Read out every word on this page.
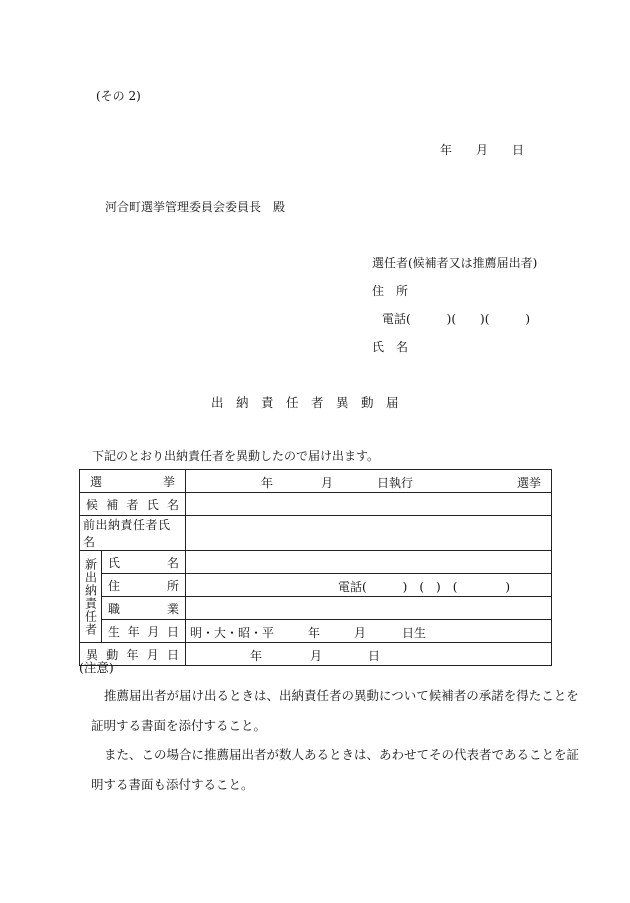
(その 2)
年 月 日
河合町選挙管理委員会委員長　殿
選任者(候補者又は推薦届出者)
住　所
電話(　　　)(　　)(　　　)
氏　名
出　納　責　任　者　異　動　届
下記のとおり出納責任者を異動したので届け出ます。
選 挙		年 月 日執行 選挙

候 補 者 氏 名		

前出納責任者氏名		

新出納責任者	氏 名	

	住 所	電話(　　　)　(　)　(　　　　)

	職 業	

	生 年 月 日	明・大・昭・平 年 月 日生

異 動 年 月 日		年 月 日
(注意)
推薦届出者が届け出るときは、出納責任者の異動について候補者の承諾を得たことを
証明する書面を添付すること。
また、この場合に推薦届出者が数人あるときは、あわせてその代表者であることを証
明する書面も添付すること。
